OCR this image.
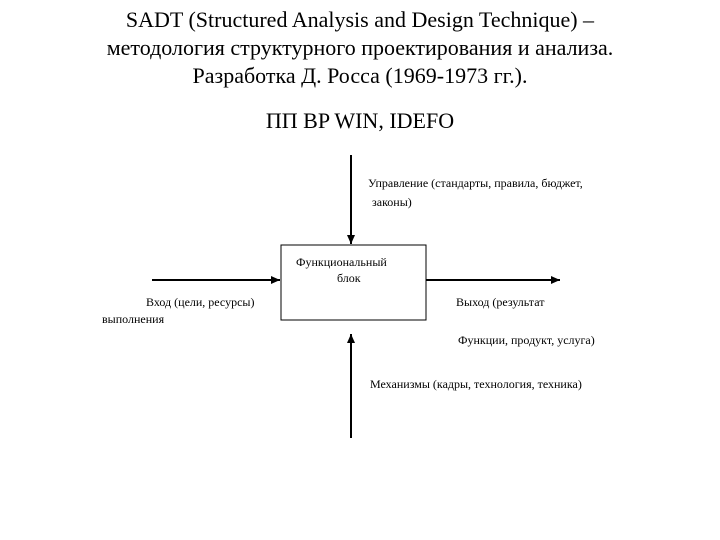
SADT (Structured Analysis and Design Technique) –
методология структурного проектирования и анализа.
Разработка Д. Росса (1969-1973 гг.).
ПП BP WIN, IDEFO
Управление (стандарты, правила, бюджет,
законы)
Функциональный
блок
Вход (цели, ресурсы)
выполнения
Выход (результат
Функции, продукт, услуга)
Механизмы (кадры, технология, техника)
